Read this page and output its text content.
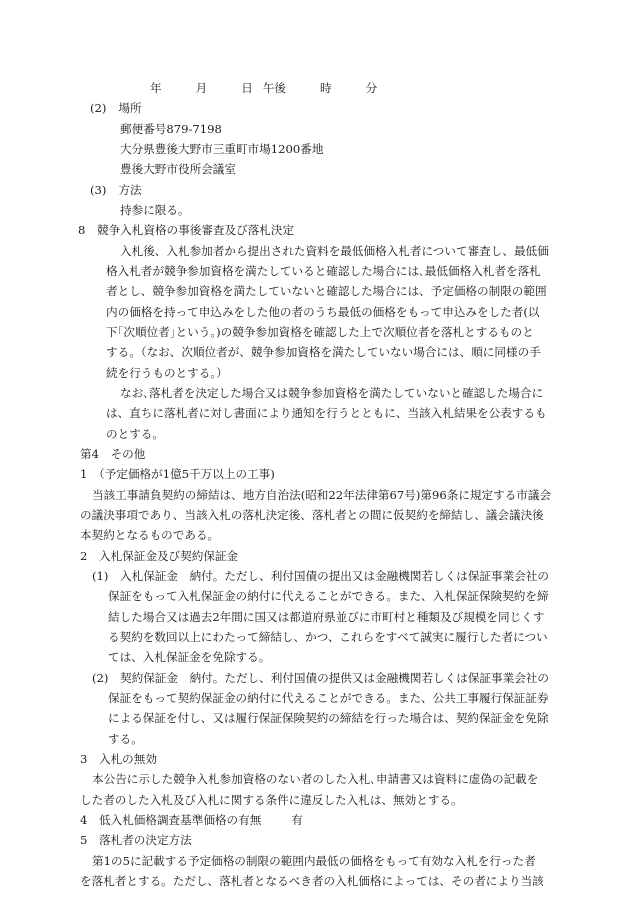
年	月	日 午後	時	分
(2) 場所
郵便番号879-7198
大分県豊後大野市三重町市場1200番地
豊後大野市役所会議室
(3) 方法
持参に限る。
8　競争入札資格の事後審査及び落札決定
入札後、入札参加者から提出された資料を最低価格入札者について審査し、最低価
格入札者が競争参加資格を満たしていると確認した場合には､最低価格入札者を落札
者とし、競争参加資格を満たしていないと確認した場合には、予定価格の制限の範囲
内の価格を持って申込みをした他の者のうち最低の価格をもって申込みをした者(以
下｢次順位者｣という。)の競争参加資格を確認した上で次順位者を落札とするものと
する。（なお、次順位者が、競争参加資格を満たしていない場合には、順に同様の手
続を行うものとする。）
なお､落札者を決定した場合又は競争参加資格を満たしていないと確認した場合に
は、直ちに落札者に対し書面により通知を行うとともに、当該入札結果を公表するも
のとする。
第4　その他
1　（予定価格が1億5千万以上の工事)
当該工事請負契約の締結は、地方自治法(昭和22年法律第67号)第96条に規定する市議会
の議決事項であり、当該入札の落札決定後、落札者との間に仮契約を締結し、議会議決後
本契約となるものである。
2　入札保証金及び契約保証金
(1) 入札保証金　納付。ただし、利付国債の提出又は金融機関若しくは保証事業会社の
保証をもって入札保証金の納付に代えることができる。また、入札保証保険契約を締
結した場合又は過去2年間に国又は都道府県並びに市町村と種類及び規模を同じくす
る契約を数回以上にわたって締結し、かつ、これらをすべて誠実に履行した者につい
ては、入札保証金を免除する。
(2) 契約保証金　納付。ただし、利付国債の提供又は金融機関若しくは保証事業会社の
保証をもって契約保証金の納付に代えることができる。また、公共工事履行保証証券
による保証を付し、又は履行保証保険契約の締結を行った場合は、契約保証金を免除
する。
3　入札の無効
本公告に示した競争入札参加資格のない者のした入札､申請書又は資料に虚偽の記載を
した者のした入札及び入札に関する条件に違反した入札は、無効とする。
4　低入札価格調査基準価格の有無	有
5　落札者の決定方法
第1の5に記載する予定価格の制限の範囲内最低の価格をもって有効な入札を行った者
を落札者とする。ただし、落札者となるべき者の入札価格によっては、その者により当該
